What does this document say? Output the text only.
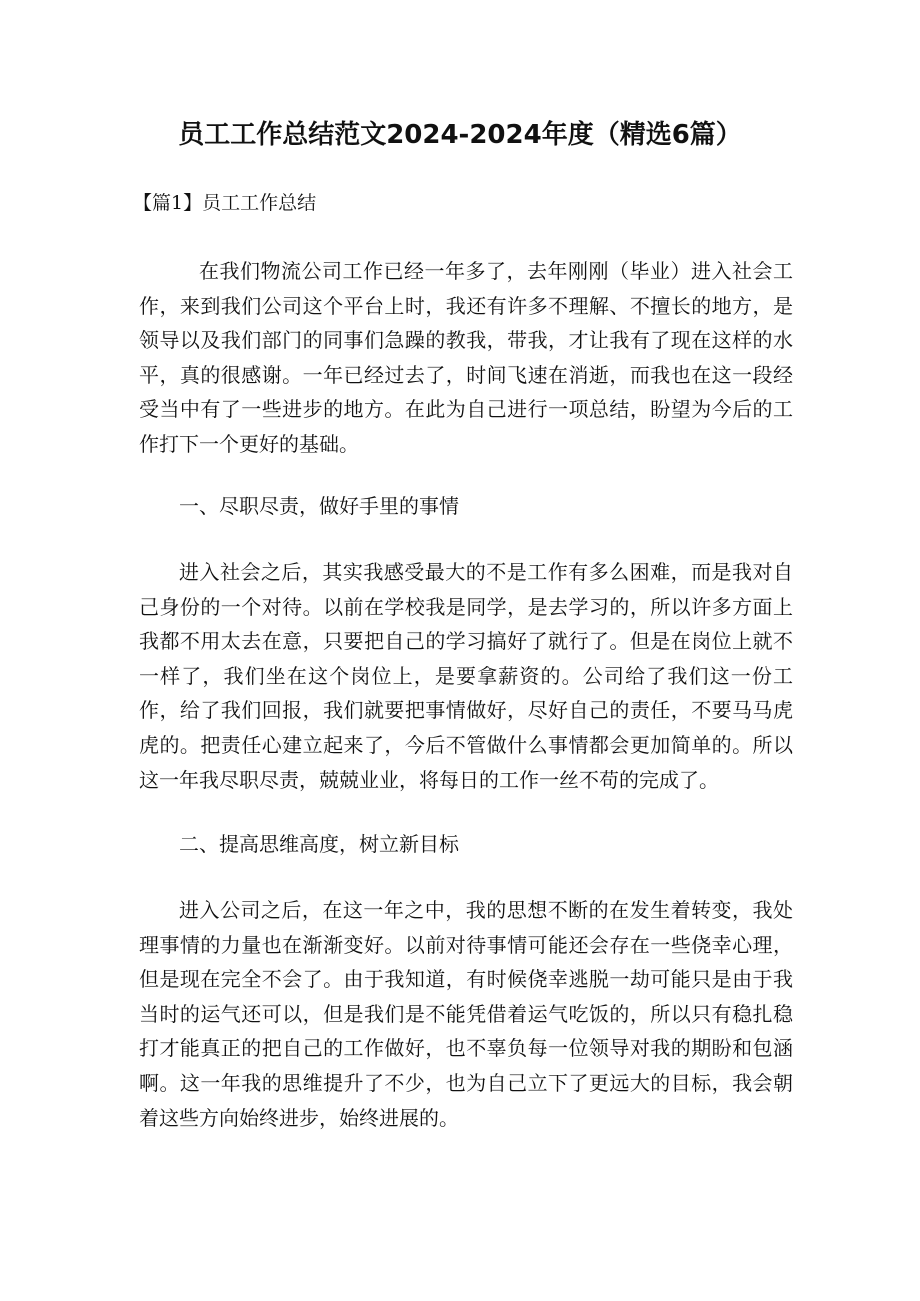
员工工作总结范文2024-2024年度（精选6篇）
【篇1】员工工作总结
在我们物流公司工作已经一年多了，去年刚刚（毕业）进入社会工作，来到我们公司这个平台上时，我还有许多不理解、不擅长的地方，是领导以及我们部门的同事们急躁的教我，带我，才让我有了现在这样的水平，真的很感谢。一年已经过去了，时间飞速在消逝，而我也在这一段经受当中有了一些进步的地方。在此为自己进行一项总结，盼望为今后的工作打下一个更好的基础。
一、尽职尽责，做好手里的事情
进入社会之后，其实我感受最大的不是工作有多么困难，而是我对自己身份的一个对待。以前在学校我是同学，是去学习的，所以许多方面上我都不用太去在意，只要把自己的学习搞好了就行了。但是在岗位上就不一样了，我们坐在这个岗位上，是要拿薪资的。公司给了我们这一份工作，给了我们回报，我们就要把事情做好，尽好自己的责任，不要马马虎虎的。把责任心建立起来了，今后不管做什么事情都会更加简单的。所以这一年我尽职尽责，兢兢业业，将每日的工作一丝不苟的完成了。
二、提高思维高度，树立新目标
进入公司之后，在这一年之中，我的思想不断的在发生着转变，我处理事情的力量也在渐渐变好。以前对待事情可能还会存在一些侥幸心理，但是现在完全不会了。由于我知道，有时候侥幸逃脱一劫可能只是由于我当时的运气还可以，但是我们是不能凭借着运气吃饭的，所以只有稳扎稳打才能真正的把自己的工作做好，也不辜负每一位领导对我的期盼和包涵啊。这一年我的思维提升了不少，也为自己立下了更远大的目标，我会朝着这些方向始终进步，始终进展的。
